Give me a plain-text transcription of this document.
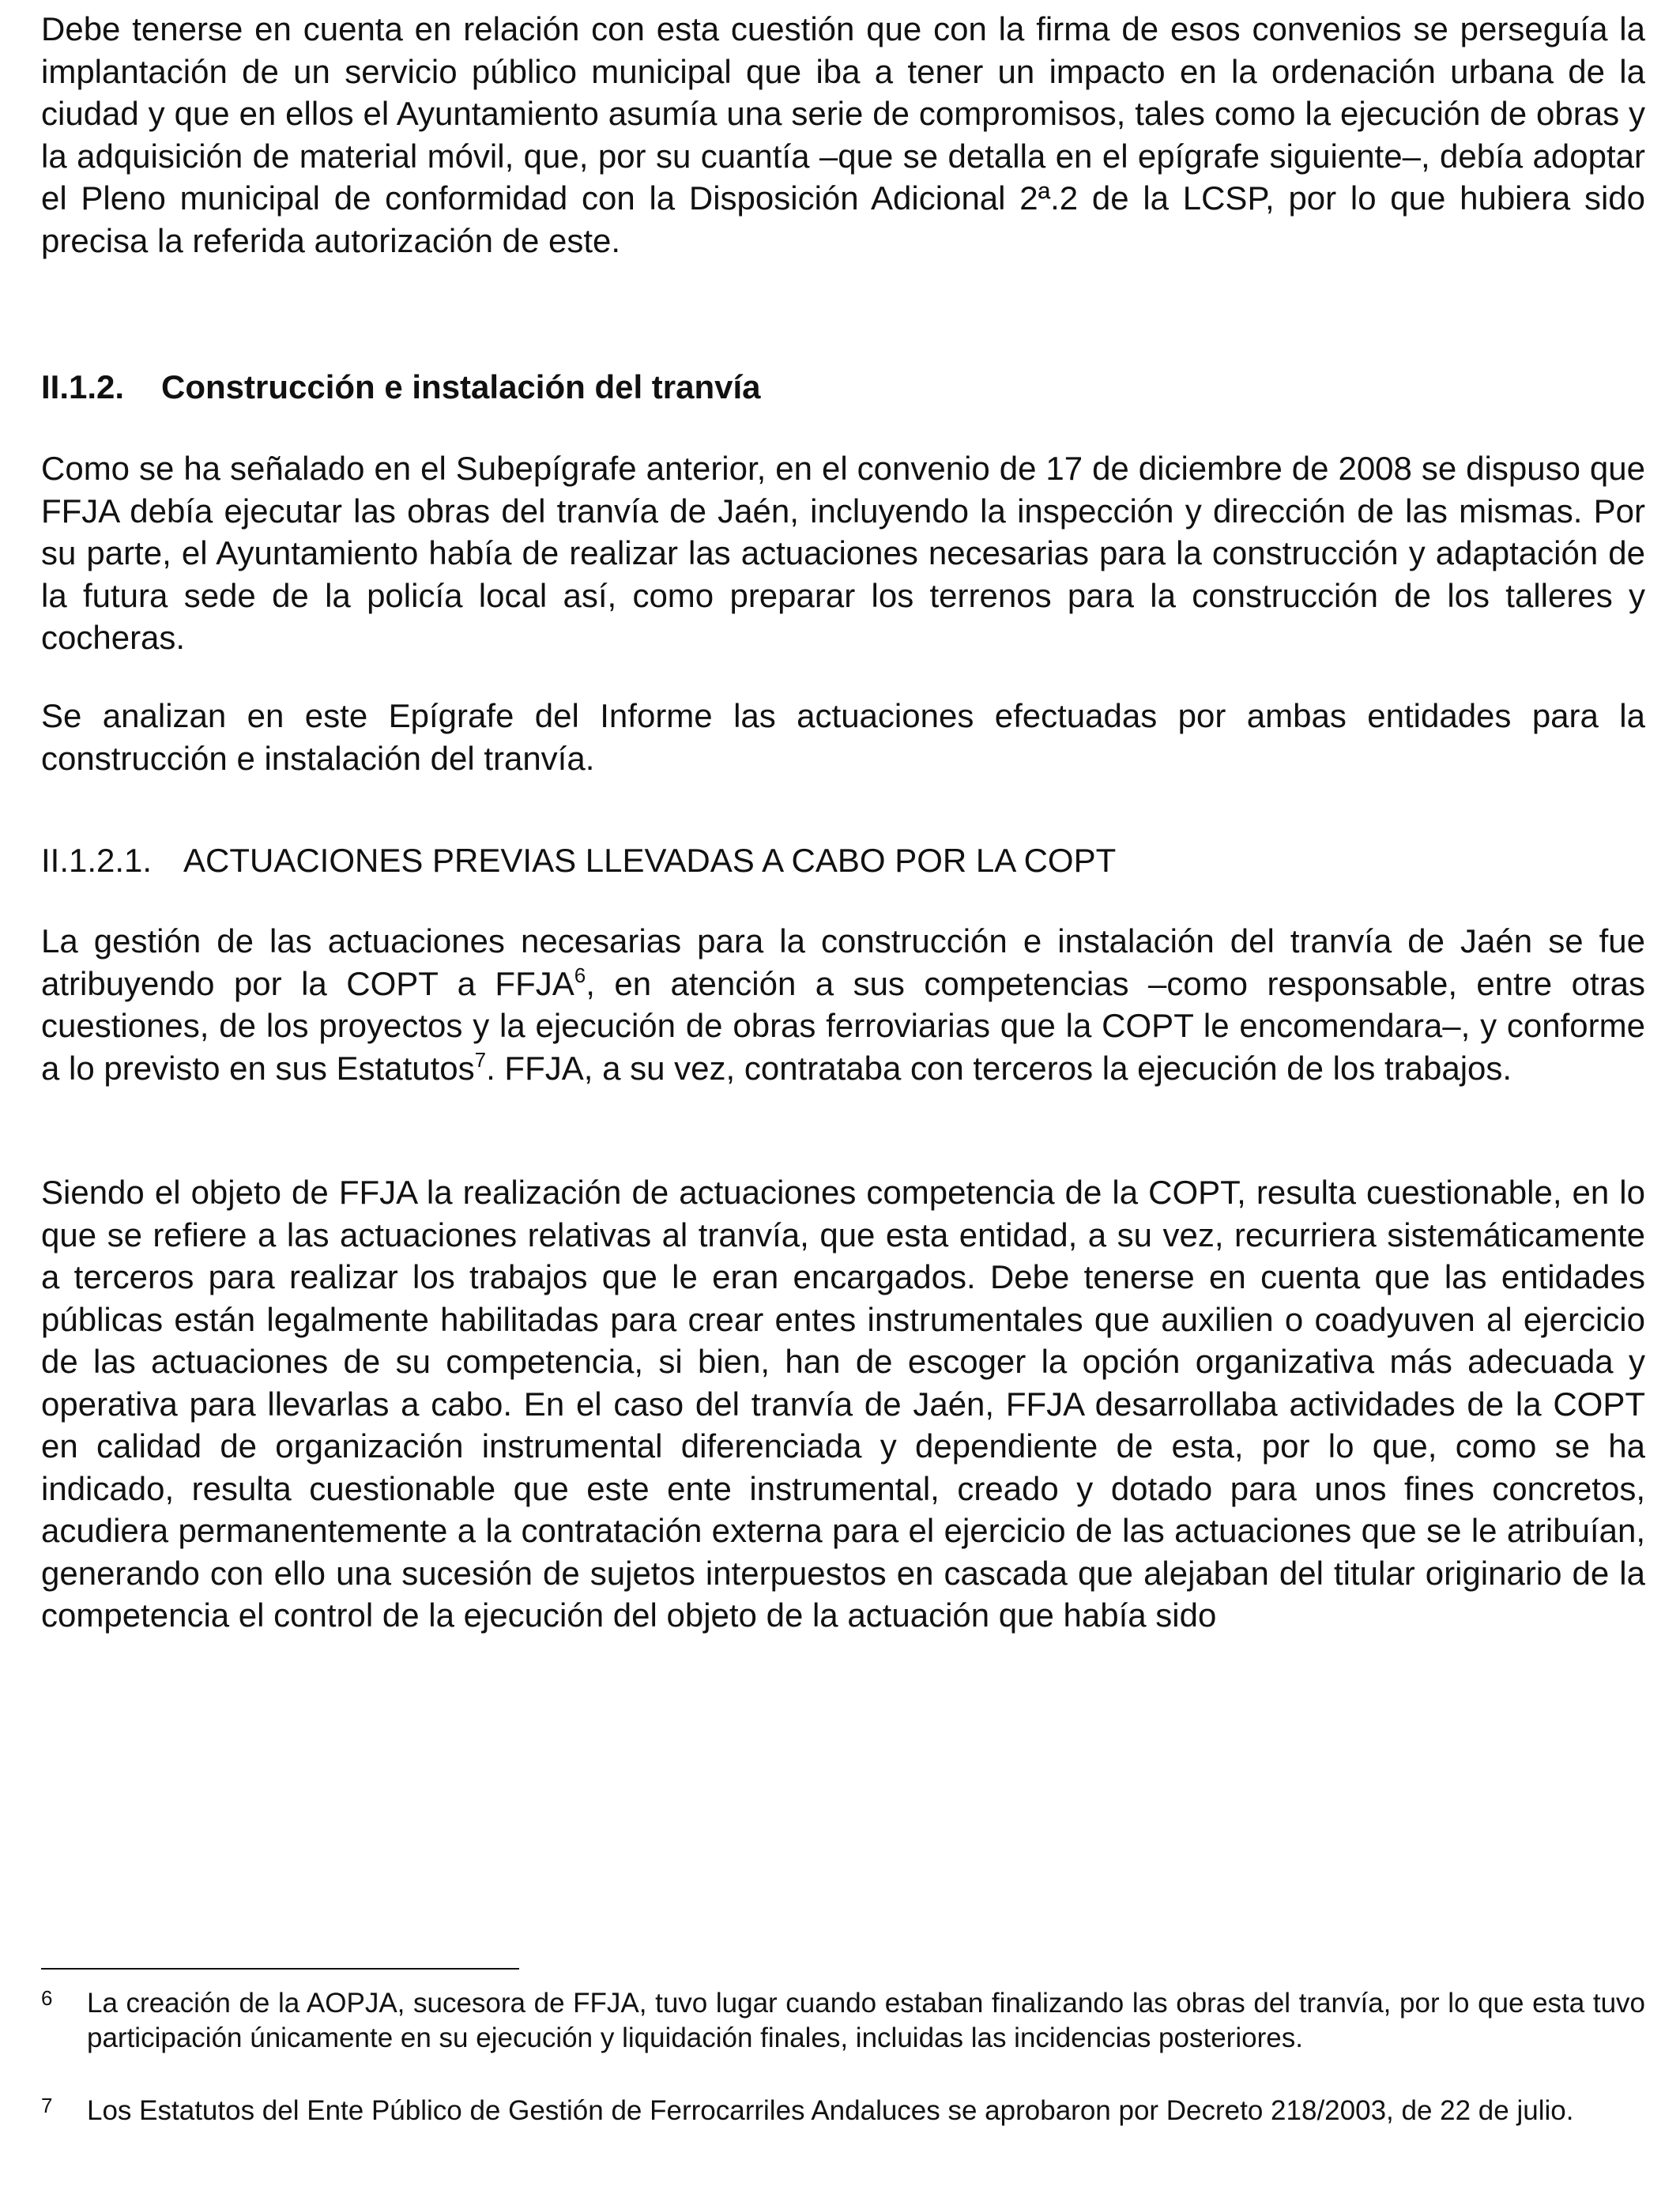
Debe tenerse en cuenta en relación con esta cuestión que con la firma de esos convenios se perseguía la implantación de un servicio público municipal que iba a tener un impacto en la ordenación urbana de la ciudad y que en ellos el Ayuntamiento asumía una serie de compromisos, tales como la ejecución de obras y la adquisición de material móvil, que, por su cuantía –que se detalla en el epígrafe siguiente–, debía adoptar el Pleno municipal de conformidad con la Disposición Adicional 2ª.2 de la LCSP, por lo que hubiera sido precisa la referida autorización de este.

II.1.2. Construcción e instalación del tranvía

Como se ha señalado en el Subepígrafe anterior, en el convenio de 17 de diciembre de 2008 se dispuso que FFJA debía ejecutar las obras del tranvía de Jaén, incluyendo la inspección y dirección de las mismas. Por su parte, el Ayuntamiento había de realizar las actuaciones necesarias para la construcción y adaptación de la futura sede de la policía local así, como preparar los terrenos para la construcción de los talleres y cocheras.

Se analizan en este Epígrafe del Informe las actuaciones efectuadas por ambas entidades para la construcción e instalación del tranvía.

II.1.2.1. ACTUACIONES PREVIAS LLEVADAS A CABO POR LA COPT

La gestión de las actuaciones necesarias para la construcción e instalación del tranvía de Jaén se fue atribuyendo por la COPT a FFJA$^6$, en atención a sus competencias –como responsable, entre otras cuestiones, de los proyectos y la ejecución de obras ferroviarias que la COPT le encomendara–, y conforme a lo previsto en sus Estatutos$^7$. FFJA, a su vez, contrataba con terceros la ejecución de los trabajos.

Siendo el objeto de FFJA la realización de actuaciones competencia de la COPT, resulta cuestionable, en lo que se refiere a las actuaciones relativas al tranvía, que esta entidad, a su vez, recurriera sistemáticamente a terceros para realizar los trabajos que le eran encargados. Debe tenerse en cuenta que las entidades públicas están legalmente habilitadas para crear entes instrumentales que auxilien o coadyuven al ejercicio de las actuaciones de su competencia, si bien, han de escoger la opción organizativa más adecuada y operativa para llevarlas a cabo. En el caso del tranvía de Jaén, FFJA desarrollaba actividades de la COPT en calidad de organización instrumental diferenciada y dependiente de esta, por lo que, como se ha indicado, resulta cuestionable que este ente instrumental, creado y dotado para unos fines concretos, acudiera permanentemente a la contratación externa para el ejercicio de las actuaciones que se le atribuían, generando con ello una sucesión de sujetos interpuestos en cascada que alejaban del titular originario de la competencia el control de la ejecución del objeto de la actuación que había sido

6 La creación de la AOPJA, sucesora de FFJA, tuvo lugar cuando estaban finalizando las obras del tranvía, por lo que esta tuvo participación únicamente en su ejecución y liquidación finales, incluidas las incidencias posteriores.

7 Los Estatutos del Ente Público de Gestión de Ferrocarriles Andaluces se aprobaron por Decreto 218/2003, de 22 de julio.
